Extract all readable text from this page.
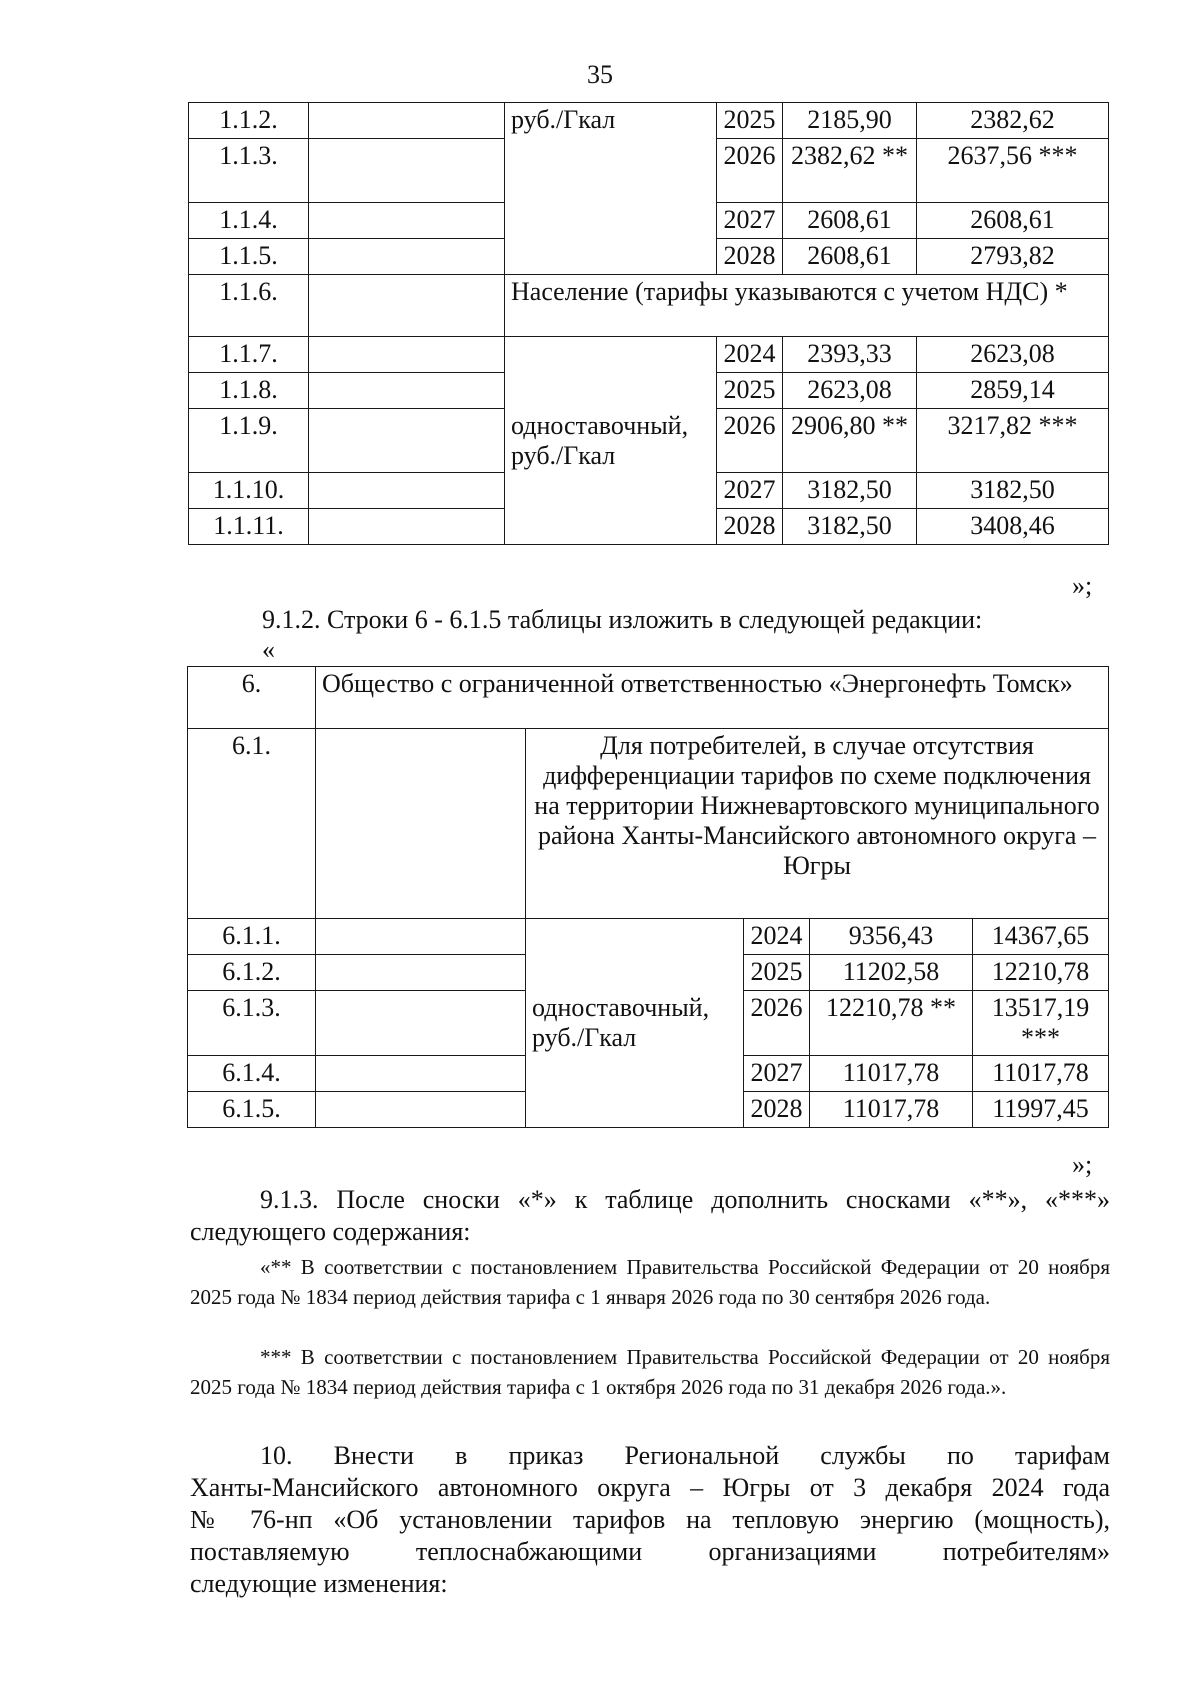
35
1.1.2.		руб./Гкал	2025	2185,90	2382,62
1.1.3.			2026	2382,62 **	2637,56 ***
1.1.4.			2027	2608,61	2608,61
1.1.5.			2028	2608,61	2793,82
1.1.6.		Население (тарифы указываются с учетом НДС) *			
1.1.7.		одноставочный, руб./Гкал	2024	2393,33	2623,08
1.1.8.			2025	2623,08	2859,14
1.1.9.			2026	2906,80 **	3217,82 ***
1.1.10.			2027	3182,50	3182,50
1.1.11.			2028	3182,50	3408,46
»;
9.1.2. Строки 6 - 6.1.5 таблицы изложить в следующей редакции:
«
6.	Общество с ограниченной ответственностью «Энергонефть Томск»				
6.1.		Для потребителей, в случае отсутствия дифференциации тарифов по схеме подключения на территории Нижневартовского муниципального района Ханты-Мансийского автономного округа – Югры			
6.1.1.		одноставочный, руб./Гкал	2024	9356,43	14367,65
6.1.2.			2025	11202,58	12210,78
6.1.3.			2026	12210,78 **	13517,19 ***
6.1.4.			2027	11017,78	11017,78
6.1.5.			2028	11017,78	11997,45
»;
9.1.3. После сноски «*» к таблице дополнить сносками «**», «***» следующего содержания:
«** В соответствии с постановлением Правительства Российской Федерации от 20 ноября 2025 года № 1834 период действия тарифа с 1 января 2026 года по 30 сентября 2026 года.
*** В соответствии с постановлением Правительства Российской Федерации от 20 ноября 2025 года № 1834 период действия тарифа с 1 октября 2026 года по 31 декабря 2026 года.».
10. Внести в приказ Региональной службы по тарифам
Ханты-Мансийского автономного округа – Югры от 3 декабря 2024 года
№ 76-нп «Об установлении тарифов на тепловую энергию (мощность),
поставляемую теплоснабжающими организациями потребителям»
следующие изменения:
